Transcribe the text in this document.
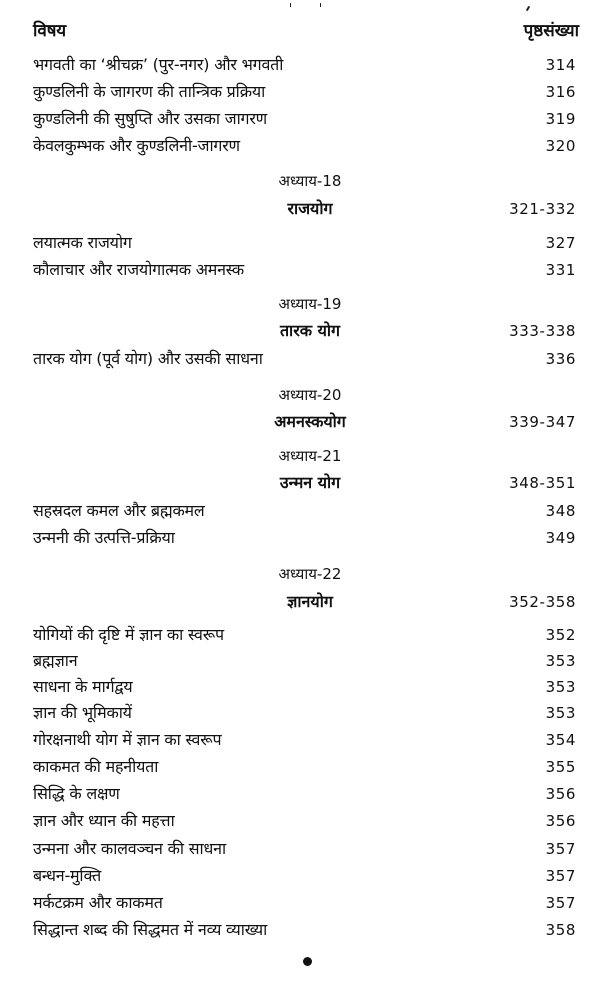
विषय	पृष्ठसंख्या
भगवती का ‘श्रीचक्र’ (पुर-नगर) और भगवती	314
कुण्डलिनी के जागरण की तान्त्रिक प्रक्रिया	316
कुण्डलिनी की सुषुप्ति और उसका जागरण	319
केवलकुम्भक और कुण्डलिनी-जागरण	320
अध्याय-18
राजयोग	321-332
लयात्मक राजयोग	327
कौलाचार और राजयोगात्मक अमनस्क	331
अध्याय-19
तारक योग	333-338
तारक योग (पूर्व योग) और उसकी साधना	336
अध्याय-20
अमनस्कयोग	339-347
अध्याय-21
उन्मन योग	348-351
सहस्रदल कमल और ब्रह्मकमल	348
उन्मनी की उत्पत्ति-प्रक्रिया	349
अध्याय-22
ज्ञानयोग	352-358
योगियों की दृष्टि में ज्ञान का स्वरूप	352
ब्रह्मज्ञान	353
साधना के मार्गद्वय	353
ज्ञान की भूमिकायें	353
गोरक्षनाथी योग में ज्ञान का स्वरूप	354
काकमत की महनीयता	355
सिद्धि के लक्षण	356
ज्ञान और ध्यान की महत्ता	356
उन्मना और कालवञ्चन की साधना	357
बन्धन-मुक्ति	357
मर्कटक्रम और काकमत	357
सिद्धान्त शब्द की सिद्धमत में नव्य व्याख्या	358
